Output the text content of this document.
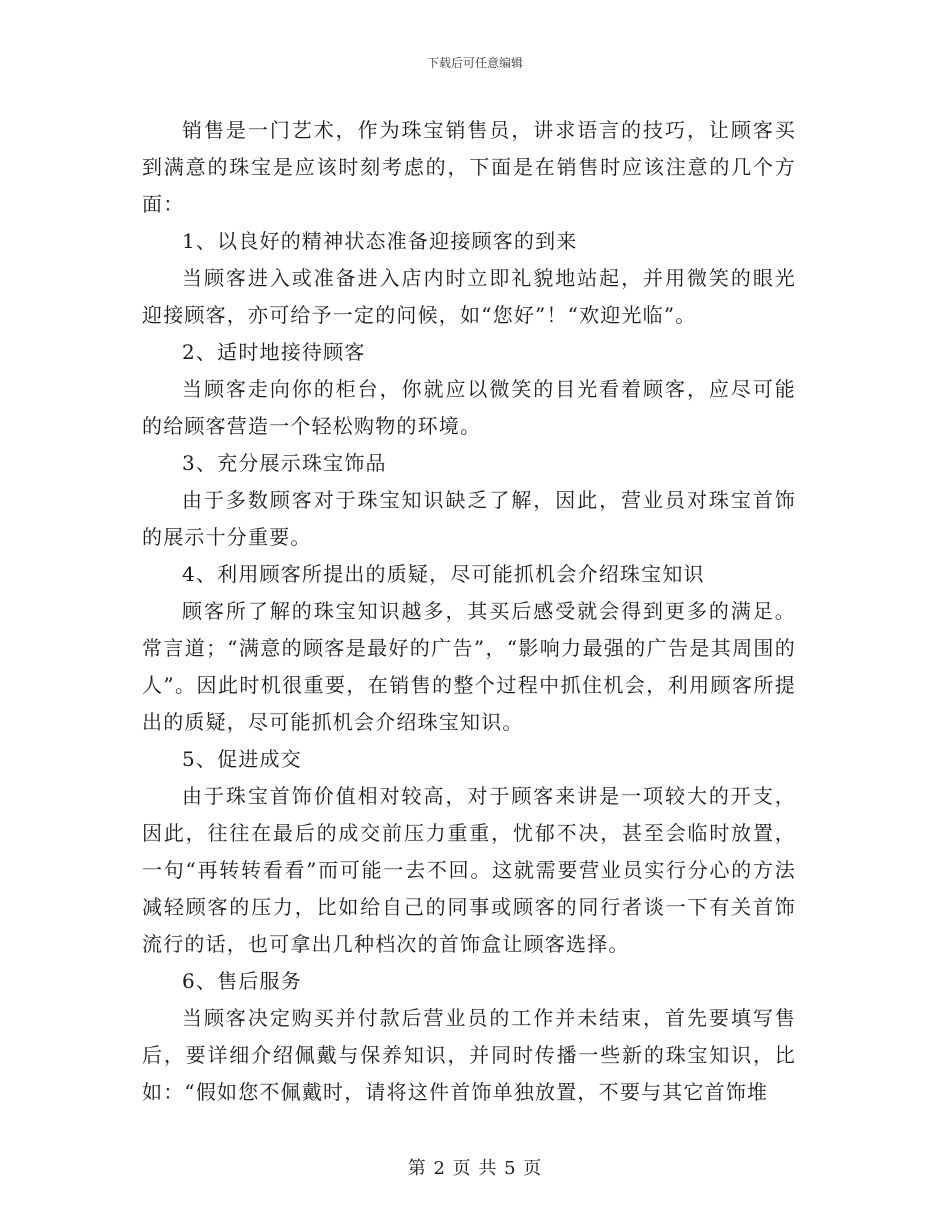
下载后可任意编辑

销售是一门艺术，作为珠宝销售员，讲求语言的技巧，让顾客买到满意的珠宝是应该时刻考虑的，下面是在销售时应该注意的几个方面：

1、以良好的精神状态准备迎接顾客的到来

当顾客进入或准备进入店内时立即礼貌地站起，并用微笑的眼光迎接顾客，亦可给予一定的问候，如“您好”！“欢迎光临”。

2、适时地接待顾客

当顾客走向你的柜台，你就应以微笑的目光看着顾客，应尽可能的给顾客营造一个轻松购物的环境。

3、充分展示珠宝饰品

由于多数顾客对于珠宝知识缺乏了解，因此，营业员对珠宝首饰的展示十分重要。

4、利用顾客所提出的质疑，尽可能抓机会介绍珠宝知识

顾客所了解的珠宝知识越多，其买后感受就会得到更多的满足。常言道；“满意的顾客是最好的广告”，“影响力最强的广告是其周围的人”。因此时机很重要，在销售的整个过程中抓住机会，利用顾客所提出的质疑，尽可能抓机会介绍珠宝知识。

5、促进成交

由于珠宝首饰价值相对较高，对于顾客来讲是一项较大的开支，因此，往往在最后的成交前压力重重，忧郁不决，甚至会临时放置，一句“再转转看看”而可能一去不回。这就需要营业员实行分心的方法减轻顾客的压力，比如给自己的同事或顾客的同行者谈一下有关首饰流行的话，也可拿出几种档次的首饰盒让顾客选择。

6、售后服务

当顾客决定购买并付款后营业员的工作并未结束，首先要填写售后，要详细介绍佩戴与保养知识，并同时传播一些新的珠宝知识，比如：“假如您不佩戴时，请将这件首饰单独放置，不要与其它首饰堆

第 2 页 共 5 页
